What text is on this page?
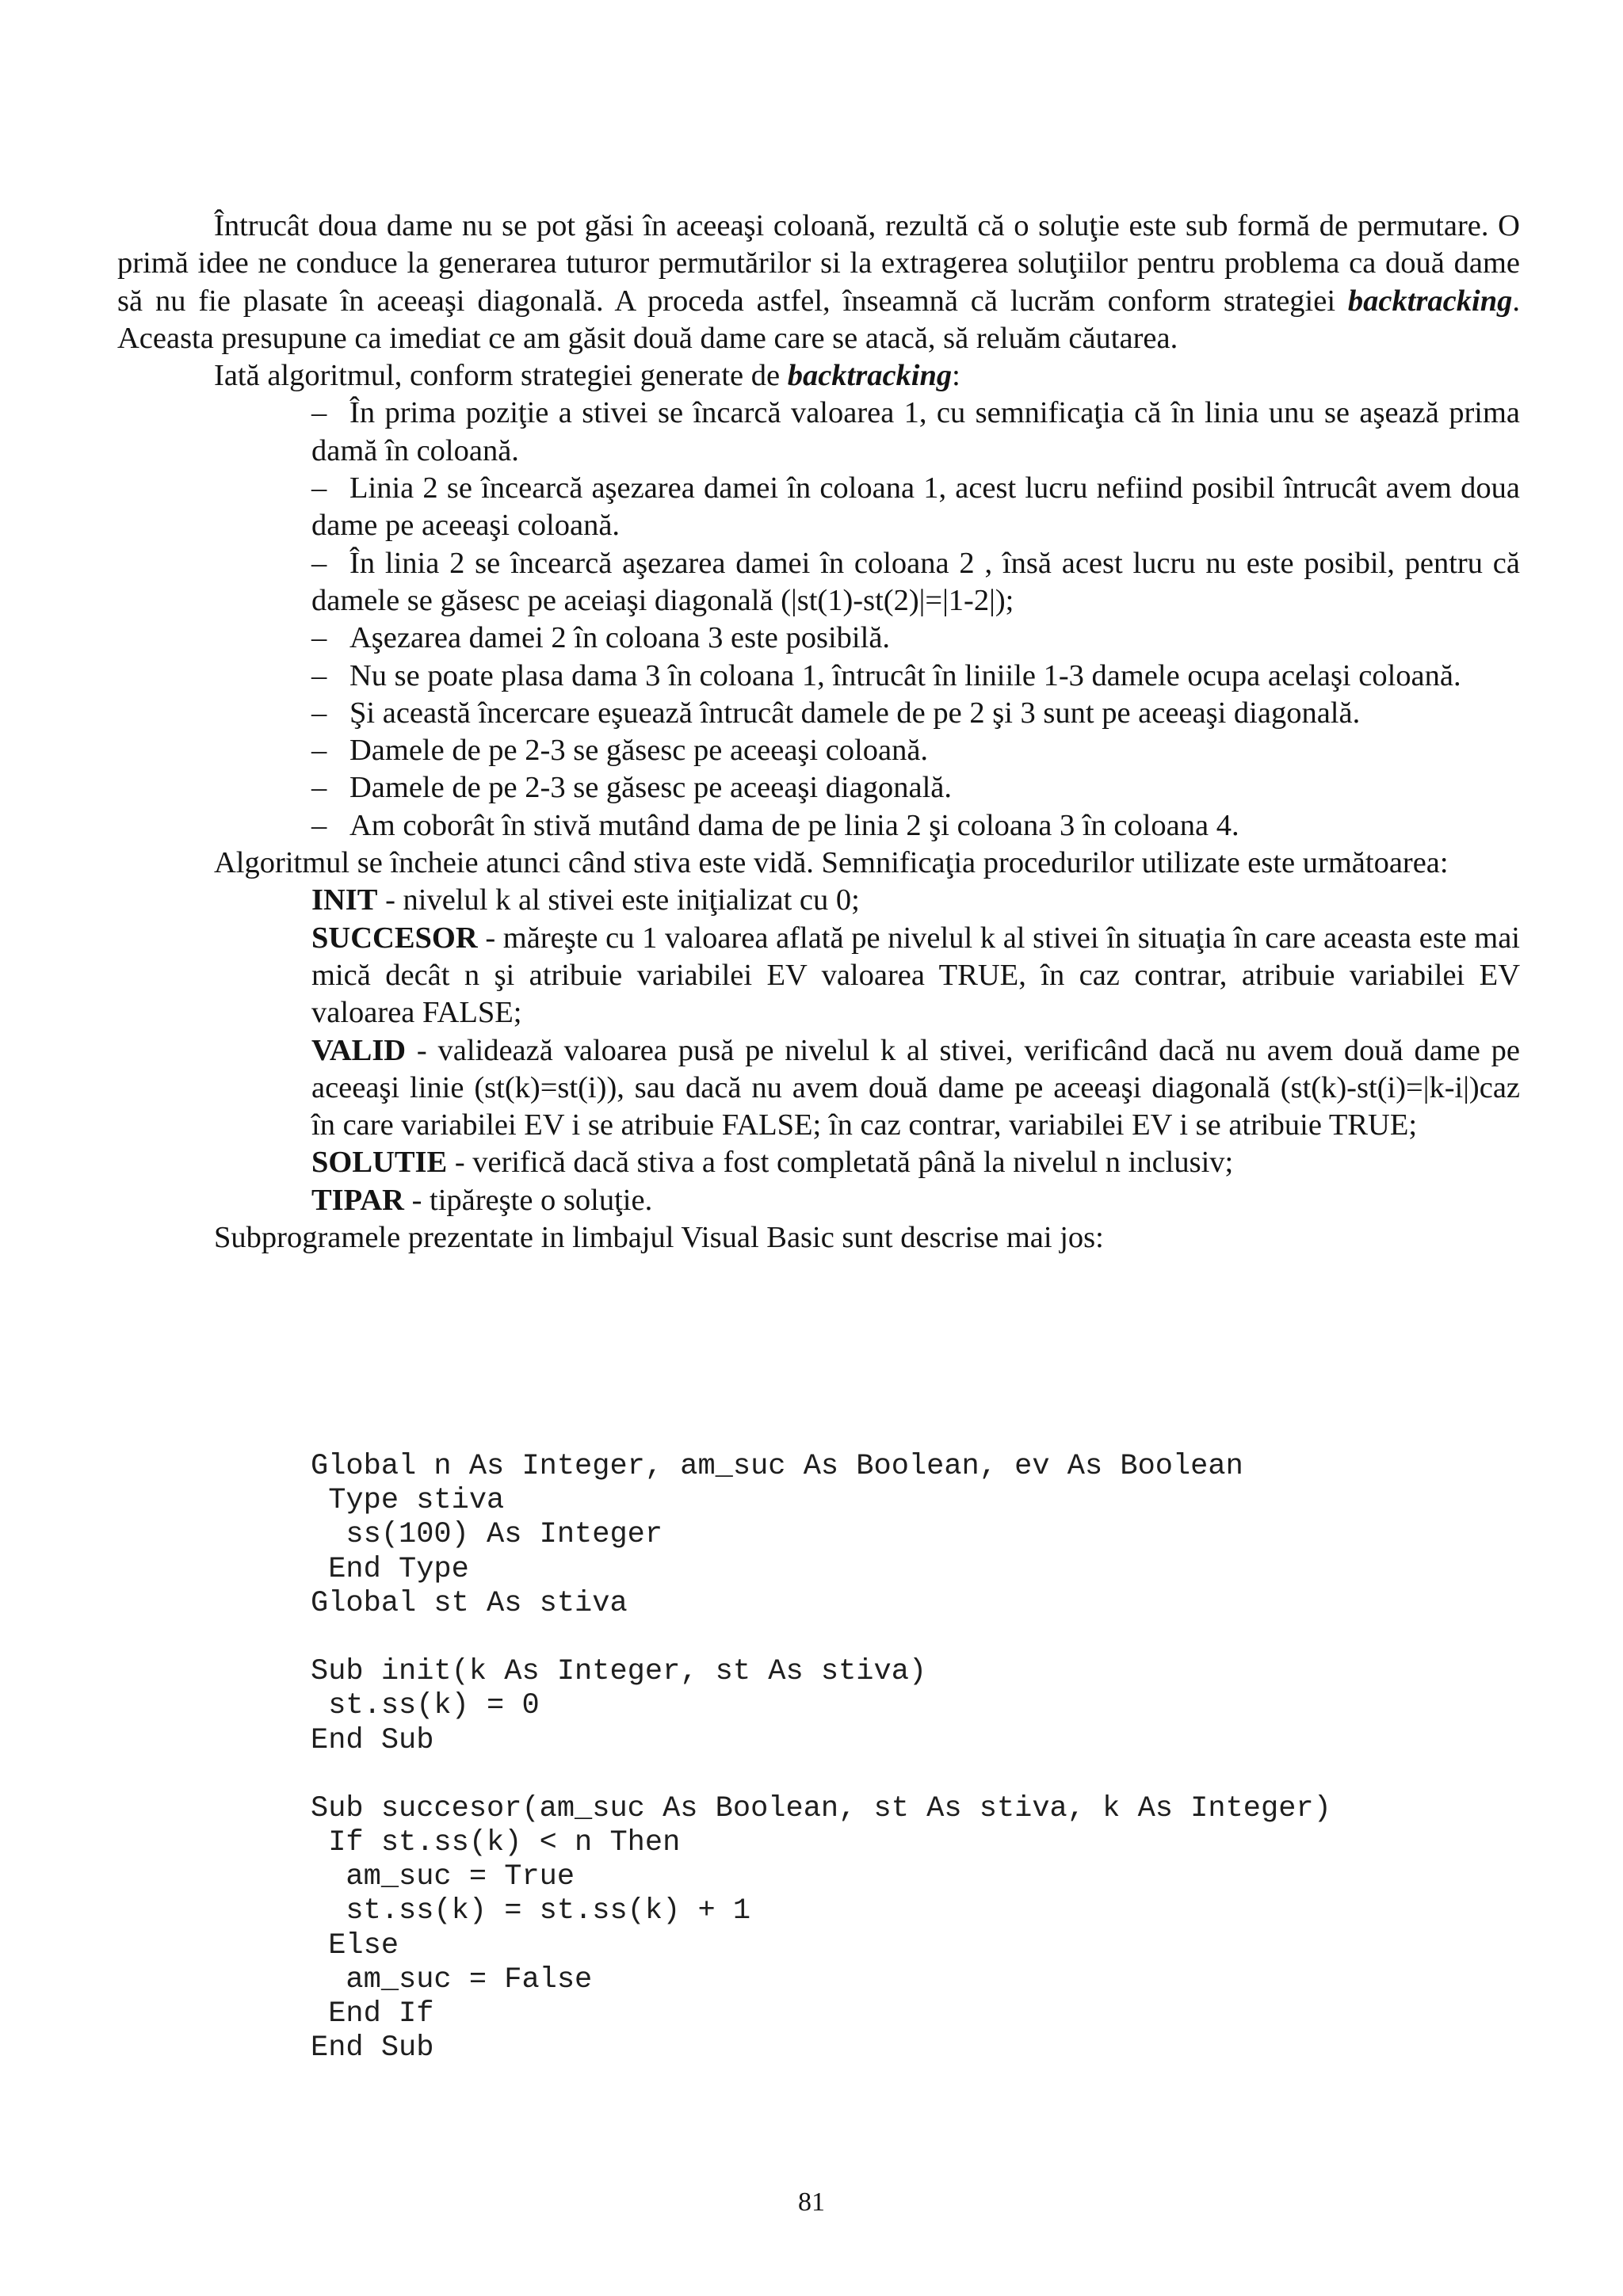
Întrucât doua dame nu se pot găsi în aceeaşi coloană, rezultă că o soluţie este sub formă de permutare. O primă idee ne conduce la generarea tuturor permutărilor si la extragerea soluţiilor pentru problema ca două dame să nu fie plasate în aceeaşi diagonală. A proceda astfel, înseamnă că lucrăm conform strategiei backtracking. Aceasta presupune ca imediat ce am găsit două dame care se atacă, să reluăm căutarea.

Iată algoritmul, conform strategiei generate de backtracking:

– În prima poziţie a stivei se încarcă valoarea 1, cu semnificaţia că în linia unu se aşează prima damă în coloană.

– Linia 2 se încearcă aşezarea damei în coloana 1, acest lucru nefiind posibil întrucât avem doua dame pe aceeaşi coloană.

– În linia 2 se încearcă aşezarea damei în coloana 2 , însă acest lucru nu este posibil, pentru că damele se găsesc pe aceiaşi diagonală (|st(1)-st(2)|=|1-2|);

– Aşezarea damei 2 în coloana 3 este posibilă.

– Nu se poate plasa dama 3 în coloana 1, întrucât în liniile 1-3 damele ocupa acelaşi coloană.

– Şi această încercare eşuează întrucât damele de pe 2 şi 3 sunt pe aceeaşi diagonală.

– Damele de pe 2-3 se găsesc pe aceeaşi coloană.

– Damele de pe 2-3 se găsesc pe aceeaşi diagonală.

– Am coborât în stivă mutând dama de pe linia 2 şi coloana 3 în coloana 4.

Algoritmul se încheie atunci când stiva este vidă. Semnificaţia procedurilor utilizate este următoarea:

INIT - nivelul k al stivei este iniţializat cu 0;

SUCCESOR - măreşte cu 1 valoarea aflată pe nivelul k al stivei în situaţia în care aceasta este mai mică decât n şi atribuie variabilei EV valoarea TRUE, în caz contrar, atribuie variabilei EV valoarea FALSE;

VALID - validează valoarea pusă pe nivelul k al stivei, verificând dacă nu avem două dame pe aceeaşi linie (st(k)=st(i)), sau dacă nu avem două dame pe aceeaşi diagonală (st(k)-st(i)=|k-i|)caz în care variabilei EV i se atribuie FALSE; în caz contrar, variabilei EV i se atribuie TRUE;

SOLUTIE - verifică dacă stiva a fost completată până la nivelul n inclusiv;

TIPAR - tipăreşte o soluţie.

Subprogramele prezentate in limbajul Visual Basic sunt descrise mai jos:

Global n As Integer, am_suc As Boolean, ev As Boolean
Type stiva
ss(100) As Integer
End Type
Global st As stiva
Sub init(k As Integer, st As stiva)
st.ss(k) = 0
End Sub
Sub succesor(am_suc As Boolean, st As stiva, k As Integer)
If st.ss(k) < n Then
am_suc = True
st.ss(k) = st.ss(k) + 1
Else
am_suc = False
End If
End Sub
81
